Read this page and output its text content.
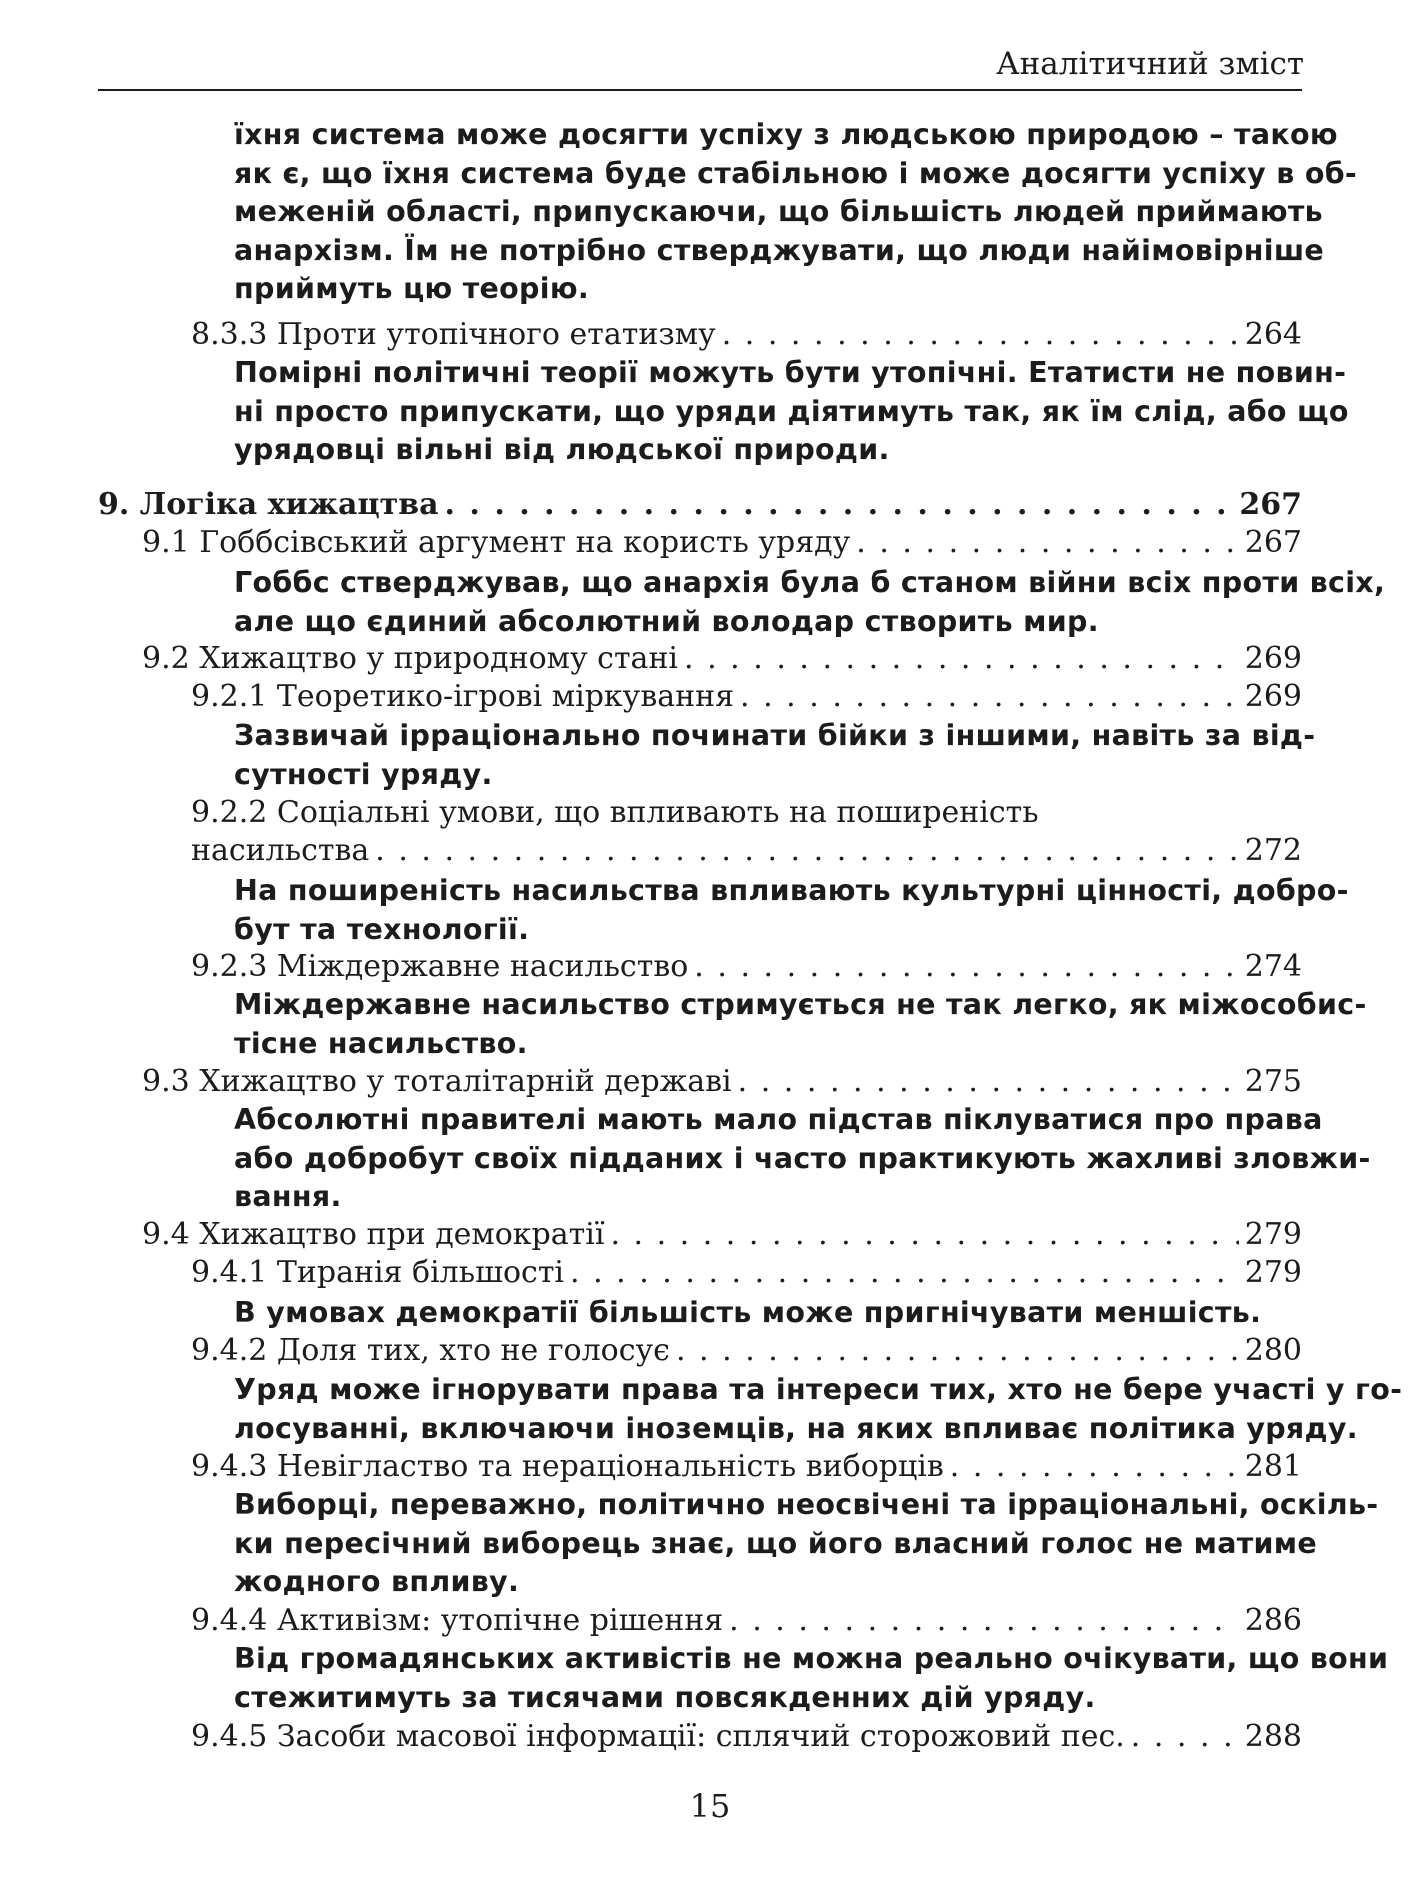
Аналітичний зміст
їхня система може досягти успіху з людською природою – такою
як є, що їхня система буде стабільною і може досягти успіху в об-
меженій області, припускаючи, що більшість людей приймають
анархізм. Їм не потрібно стверджувати, що люди найімовірніше
приймуть цю теорію.
8.3.3 Проти утопічного етатизму . . .	264
Помірні політичні теорії можуть бути утопічні. Етатисти не повин-
ні просто припускати, що уряди діятимуть так, як їм слід, або що
урядовці вільні від людської природи.
9. Логіка хижацтва . . .	267
9.1 Гоббсівський аргумент на користь уряду . . .	267
Гоббс стверджував, що анархія була б станом війни всіх проти всіх,
але що єдиний абсолютний володар створить мир.
9.2 Хижацтво у природному стані . . .	269
9.2.1 Теоретико-ігрові міркування . . .	269
Зазвичай ірраціонально починати бійки з іншими, навіть за від-
сутності уряду.
9.2.2 Соціальні умови, що впливають на поширеність
насильства . . .	272
На поширеність насильства впливають культурні цінності, добро-
бут та технології.
9.2.3 Міждержавне насильство . . .	274
Міждержавне насильство стримується не так легко, як міжособис-
тісне насильство.
9.3 Хижацтво у тоталітарній державі . . .	275
Абсолютні правителі мають мало підстав піклуватися про права
або добробут своїх підданих і часто практикують жахливі зловжи-
вання.
9.4 Хижацтво при демократії . . .	279
9.4.1 Тиранія більшості . . .	279
В умовах демократії більшість може пригнічувати меншість.
9.4.2 Доля тих, хто не голосує . . .	280
Уряд може ігнорувати права та інтереси тих, хто не бере участі у го-
лосуванні, включаючи іноземців, на яких впливає політика уряду.
9.4.3 Невігластво та нераціональність виборців . . .	281
Виборці, переважно, політично неосвічені та ірраціональні, оскіль-
ки пересічний виборець знає, що його власний голос не матиме
жодного впливу.
9.4.4 Активізм: утопічне рішення . . .	286
Від громадянських активістів не можна реально очікувати, що вони
стежитимуть за тисячами повсякденних дій уряду.
9.4.5 Засоби масової інформації: сплячий сторожовий пес. . . .	288
15
